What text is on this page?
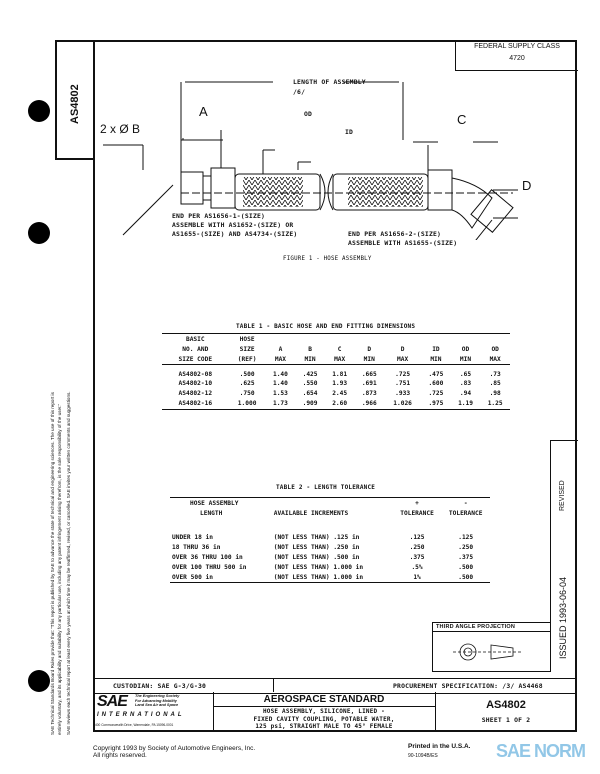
AS4802
SAE Technical Standards Board Rules provide that: "This report is published by SAE to advance the state of technical and engineering sciences. The use of this report is entirely voluntary, and its applicability and suitability for any particular use, including any patent infringement arising therefrom, is the sole responsibility of the user." SAE reviews each technical report at least every five years at which time it may be reaffirmed, revised, or cancelled. SAE invites your written comments and suggestions.
FEDERAL SUPPLY CLASS
4720
LENGTH OF ASSEMBLY
/6/
A
2 x Ø B
C
D
OD
ID
END PER AS1656-1-(SIZE)
ASSEMBLE WITH AS1652-(SIZE) OR
AS1655-(SIZE) AND AS4734-(SIZE)	END PER AS1656-2-(SIZE)
ASSEMBLE WITH AS1655-(SIZE)
FIGURE 1 - HOSE ASSEMBLY
TABLE 1 - BASIC HOSE AND END FITTING DIMENSIONS
BASIC	HOSE								
NO. AND	SIZE	A	B	C	D	D	ID	OD	OD
SIZE CODE	(REF)	MAX	MIN	MAX	MIN	MAX	MIN	MIN	MAX
AS4802-08	.500	1.40	.425	1.81	.665	.725	.475	.65	.73
AS4802-10	.625	1.40	.550	1.93	.691	.751	.600	.83	.85
AS4802-12	.750	1.53	.654	2.45	.873	.933	.725	.94	.98
AS4802-16	1.000	1.73	.909	2.60	.966	1.026	.975	1.19	1.25
TABLE 2 - LENGTH TOLERANCE
HOSE ASSEMBLY		+	-
LENGTH	AVAILABLE INCREMENTS	TOLERANCE	TOLERANCE

UNDER 18 in	(NOT LESS THAN) .125 in	.125	.125
18 THRU 36 in	(NOT LESS THAN) .250 in	.250	.250
OVER 36 THRU 100 in	(NOT LESS THAN) .500 in	.375	.375
OVER 100 THRU 500 in	(NOT LESS THAN) 1.000 in	.5%	.500
OVER 500 in	(NOT LESS THAN) 1.000 in	1%	.500	ISSUED 1993-06-04
REVISED
THIRD ANGLE PROJECTION
CUSTODIAN: SAE G-3/G-30	PROCUREMENT SPECIFICATION: /3/ AS4468
SAE The Engineering Society
For Advancing Mobility
Land Sea Air and Space
INTERNATIONAL
400 Commonwealth Drive, Warrendale, PA 15096-0001
AEROSPACE STANDARD
HOSE ASSEMBLY, SILICONE, LINED -
FIXED CAVITY COUPLING, POTABLE WATER,
125 psi, STRAIGHT MALE TO 45° FEMALE
AS4802
SHEET 1 OF 2
Copyright 1993 by Society of Automotive Engineers, Inc.
All rights reserved.
Printed in the U.S.A.
90-1094B/ES	SAE NORM
